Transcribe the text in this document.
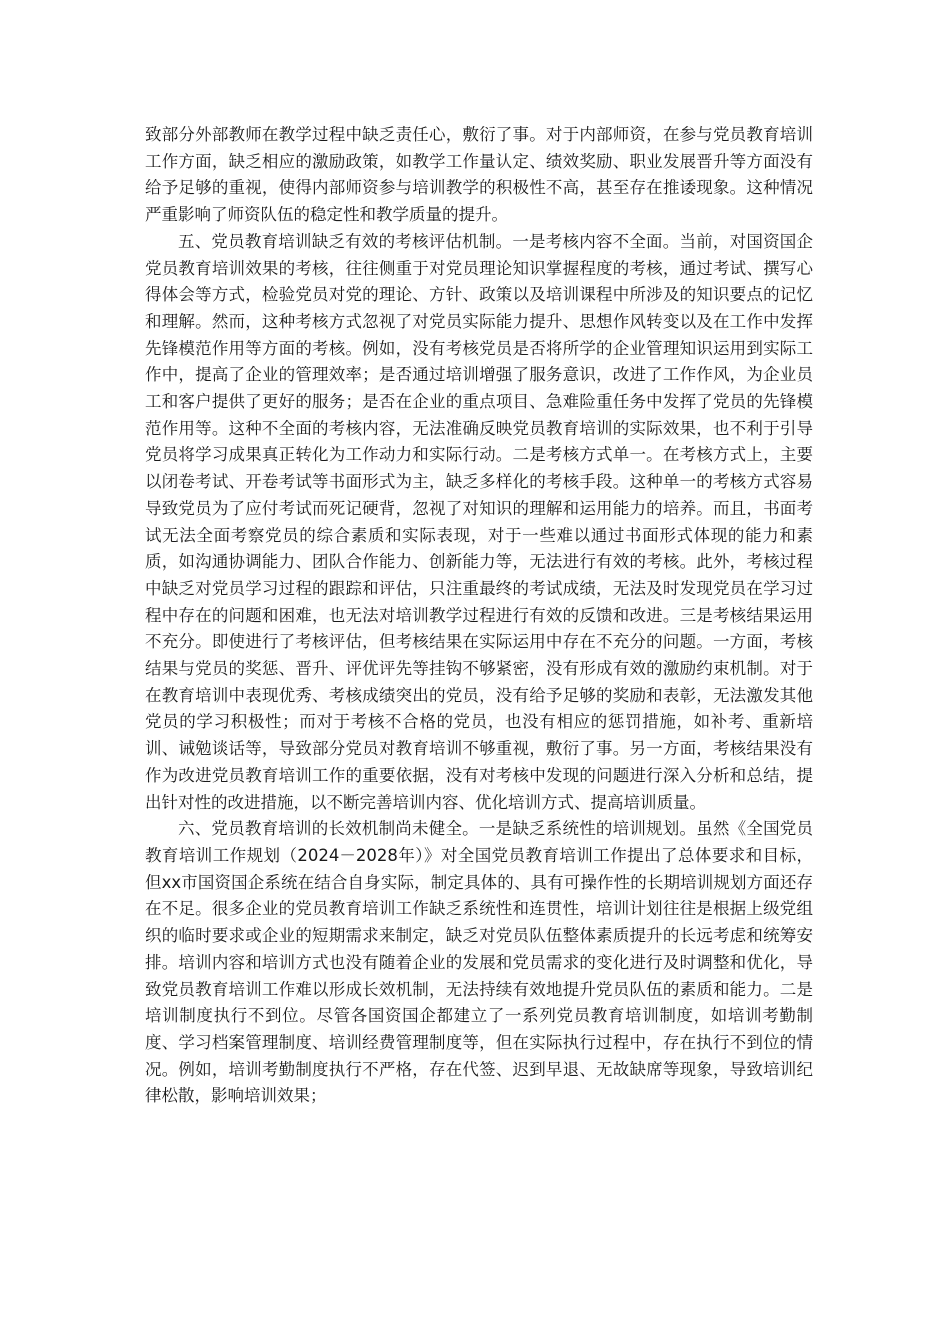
致部分外部教师在教学过程中缺乏责任心，敷衍了事。对于内部师资，在参与党员教育培训工作方面，缺乏相应的激励政策，如教学工作量认定、绩效奖励、职业发展晋升等方面没有给予足够的重视，使得内部师资参与培训教学的积极性不高，甚至存在推诿现象。这种情况严重影响了师资队伍的稳定性和教学质量的提升。

五、党员教育培训缺乏有效的考核评估机制。一是考核内容不全面。当前，对国资国企党员教育培训效果的考核，往往侧重于对党员理论知识掌握程度的考核，通过考试、撰写心得体会等方式，检验党员对党的理论、方针、政策以及培训课程中所涉及的知识要点的记忆和理解。然而，这种考核方式忽视了对党员实际能力提升、思想作风转变以及在工作中发挥先锋模范作用等方面的考核。例如，没有考核党员是否将所学的企业管理知识运用到实际工作中，提高了企业的管理效率；是否通过培训增强了服务意识，改进了工作作风，为企业员工和客户提供了更好的服务；是否在企业的重点项目、急难险重任务中发挥了党员的先锋模范作用等。这种不全面的考核内容，无法准确反映党员教育培训的实际效果，也不利于引导党员将学习成果真正转化为工作动力和实际行动。二是考核方式单一。在考核方式上，主要以闭卷考试、开卷考试等书面形式为主，缺乏多样化的考核手段。这种单一的考核方式容易导致党员为了应付考试而死记硬背，忽视了对知识的理解和运用能力的培养。而且，书面考试无法全面考察党员的综合素质和实际表现，对于一些难以通过书面形式体现的能力和素质，如沟通协调能力、团队合作能力、创新能力等，无法进行有效的考核。此外，考核过程中缺乏对党员学习过程的跟踪和评估，只注重最终的考试成绩，无法及时发现党员在学习过程中存在的问题和困难，也无法对培训教学过程进行有效的反馈和改进。三是考核结果运用不充分。即使进行了考核评估，但考核结果在实际运用中存在不充分的问题。一方面，考核结果与党员的奖惩、晋升、评优评先等挂钩不够紧密，没有形成有效的激励约束机制。对于在教育培训中表现优秀、考核成绩突出的党员，没有给予足够的奖励和表彰，无法激发其他党员的学习积极性；而对于考核不合格的党员，也没有相应的惩罚措施，如补考、重新培训、诫勉谈话等，导致部分党员对教育培训不够重视，敷衍了事。另一方面，考核结果没有作为改进党员教育培训工作的重要依据，没有对考核中发现的问题进行深入分析和总结，提出针对性的改进措施，以不断完善培训内容、优化培训方式、提高培训质量。

六、党员教育培训的长效机制尚未健全。一是缺乏系统性的培训规划。虽然《全国党员教育培训工作规划（2024－2028年）》对全国党员教育培训工作提出了总体要求和目标，但xx市国资国企系统在结合自身实际，制定具体的、具有可操作性的长期培训规划方面还存在不足。很多企业的党员教育培训工作缺乏系统性和连贯性，培训计划往往是根据上级党组织的临时要求或企业的短期需求来制定，缺乏对党员队伍整体素质提升的长远考虑和统筹安排。培训内容和培训方式也没有随着企业的发展和党员需求的变化进行及时调整和优化，导致党员教育培训工作难以形成长效机制，无法持续有效地提升党员队伍的素质和能力。二是培训制度执行不到位。尽管各国资国企都建立了一系列党员教育培训制度，如培训考勤制度、学习档案管理制度、培训经费管理制度等，但在实际执行过程中，存在执行不到位的情况。例如，培训考勤制度执行不严格，存在代签、迟到早退、无故缺席等现象，导致培训纪律松散，影响培训效果；
